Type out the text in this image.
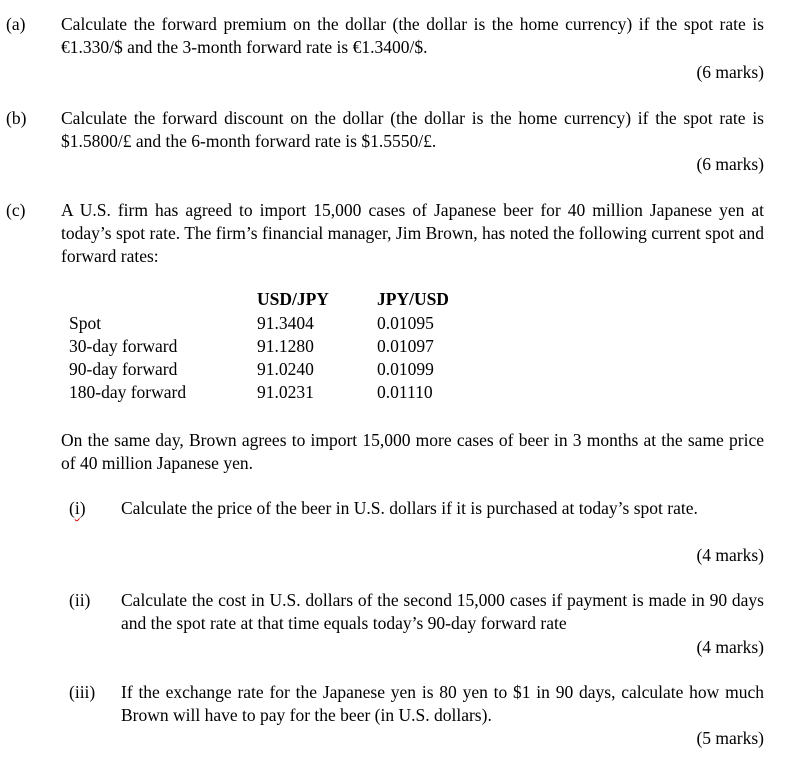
(a) Calculate the forward premium on the dollar (the dollar is the home currency) if the spot rate is €1.330/$ and the 3-month forward rate is €1.3400/$.
(6 marks)
(b) Calculate the forward discount on the dollar (the dollar is the home currency) if the spot rate is $1.5800/£ and the 6-month forward rate is $1.5550/£.
(6 marks)
(c) A U.S. firm has agreed to import 15,000 cases of Japanese beer for 40 million Japanese yen at today’s spot rate. The firm’s financial manager, Jim Brown, has noted the following current spot and forward rates:
	USD/JPY	JPY/USD
Spot	91.3404	0.01095
30-day forward	91.1280	0.01097
90-day forward	91.0240	0.01099
180-day forward	91.0231	0.01110
On the same day, Brown agrees to import 15,000 more cases of beer in 3 months at the same price of 40 million Japanese yen.
(i) Calculate the price of the beer in U.S. dollars if it is purchased at today’s spot rate.
(4 marks)
(ii) Calculate the cost in U.S. dollars of the second 15,000 cases if payment is made in 90 days and the spot rate at that time equals today’s 90-day forward rate
(4 marks)
(iii) If the exchange rate for the Japanese yen is 80 yen to $1 in 90 days, calculate how much Brown will have to pay for the beer (in U.S. dollars).
(5 marks)
